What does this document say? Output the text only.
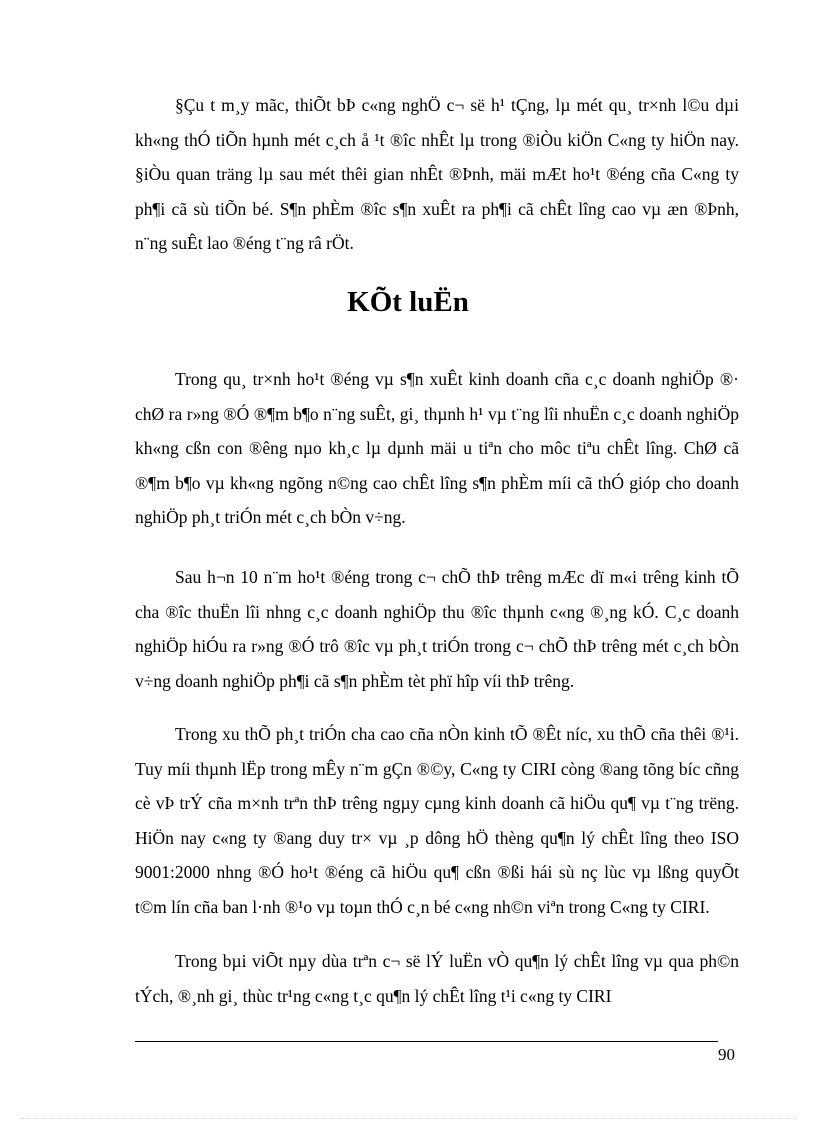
§Çu t m¸y mãc, thiÕt bÞ c«ng nghÖ c¬ së h¹ tÇng, lµ mét qu¸ tr×nh l©u dµi kh«ng thÓ tiÕn hµnh mét c¸ch å ¹t ®îc nhÊt lµ trong ®iÒu kiÖn C«ng ty hiÖn nay. §iÒu quan träng lµ sau mét thêi gian nhÊt ®Þnh, mäi mÆt ho¹t ®éng cña C«ng ty ph¶i cã sù tiÕn bé. S¶n phÈm ®îc s¶n xuÊt ra ph¶i cã chÊt lîng cao vµ æn ®Þnh, n¨ng suÊt lao ®éng t¨ng râ rÖt.

KÕt luËn

Trong qu¸ tr×nh ho¹t ®éng vµ s¶n xuÊt kinh doanh cña c¸c doanh nghiÖp ®· chØ ra r»ng ®Ó ®¶m b¶o n¨ng suÊt, gi¸ thµnh h¹ vµ t¨ng lîi nhuËn c¸c doanh nghiÖp kh«ng cßn con ®êng nµo kh¸c lµ dµnh mäi u tiªn cho môc tiªu chÊt lîng. ChØ cã ®¶m b¶o vµ kh«ng ngõng n©ng cao chÊt lîng s¶n phÈm míi cã thÓ gióp cho doanh nghiÖp ph¸t triÓn mét c¸ch bÒn v÷ng.

Sau h¬n 10 n¨m ho¹t ®éng trong c¬ chÕ thÞ trêng mÆc dï m«i trêng kinh tÕ cha ®îc thuËn lîi nhng c¸c doanh nghiÖp thu ®îc thµnh c«ng ®¸ng kÓ. C¸c doanh nghiÖp hiÓu ra r»ng ®Ó trô ®îc vµ ph¸t triÓn trong c¬ chÕ thÞ trêng mét c¸ch bÒn v÷ng doanh nghiÖp ph¶i cã s¶n phÈm tèt phï hîp víi thÞ trêng.

Trong xu thÕ ph¸t triÓn cha cao cña nÒn kinh tÕ ®Êt níc, xu thÕ cña thêi ®¹i. Tuy míi thµnh lËp trong mÊy n¨m gÇn ®©y, C«ng ty CIRI còng ®ang tõng bíc cñng cè vÞ trÝ cña m×nh trªn thÞ trêng ngµy cµng kinh doanh cã hiÖu qu¶ vµ t¨ng trëng. HiÖn nay c«ng ty ®ang duy tr× vµ ¸p dông hÖ thèng qu¶n lý chÊt lîng theo ISO 9001:2000 nhng ®Ó ho¹t ®éng cã hiÖu qu¶ cßn ®ßi hái sù nç lùc vµ lßng quyÕt t©m lín cña ban l·nh ®¹o vµ toµn thÓ c¸n bé c«ng nh©n viªn trong C«ng ty CIRI.

Trong bµi viÕt nµy dùa trªn c¬ së lÝ luËn vÒ qu¶n lý chÊt lîng vµ qua ph©n tÝch, ®¸nh gi¸ thùc tr¹ng c«ng t¸c qu¶n lý chÊt lîng t¹i c«ng ty CIRI

90
